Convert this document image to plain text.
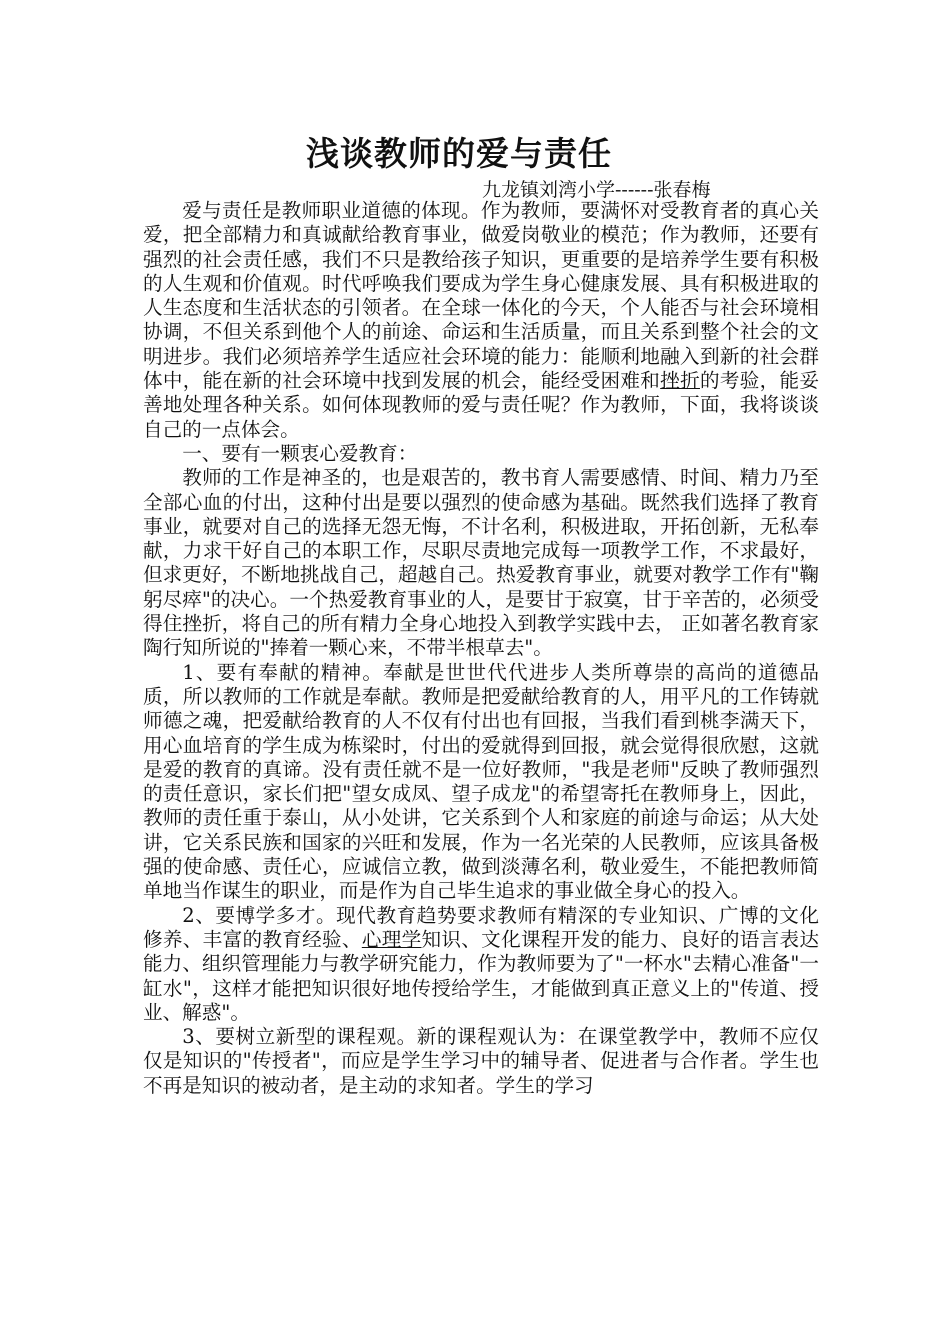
浅谈教师的爱与责任
九龙镇刘湾小学------张春梅

爱与责任是教师职业道德的体现。作为教师，要满怀对受教育者的真心关爱，把全部精力和真诚献给教育事业，做爱岗敬业的模范；作为教师，还要有强烈的社会责任感，我们不只是教给孩子知识，更重要的是培养学生要有积极的人生观和价值观。时代呼唤我们要成为学生身心健康发展、具有积极进取的人生态度和生活状态的引领者。在全球一体化的今天，个人能否与社会环境相协调，不但关系到他个人的前途、命运和生活质量，而且关系到整个社会的文明进步。我们必须培养学生适应社会环境的能力：能顺利地融入到新的社会群体中，能在新的社会环境中找到发展的机会，能经受困难和挫折的考验，能妥善地处理各种关系。如何体现教师的爱与责任呢？作为教师，下面，我将谈谈自己的一点体会。

一、要有一颗衷心爱教育：

教师的工作是神圣的，也是艰苦的，教书育人需要感情、时间、精力乃至全部心血的付出，这种付出是要以强烈的使命感为基础。既然我们选择了教育事业，就要对自己的选择无怨无悔，不计名利，积极进取，开拓创新，无私奉献，力求干好自己的本职工作，尽职尽责地完成每一项教学工作，不求最好，但求更好，不断地挑战自己，超越自己。热爱教育事业，就要对教学工作有"鞠躬尽瘁"的决心。一个热爱教育事业的人，是要甘于寂寞，甘于辛苦的，必须受得住挫折，将自己的所有精力全身心地投入到教学实践中去， 正如著名教育家陶行知所说的"捧着一颗心来，不带半根草去"。

1、要有奉献的精神。奉献是世世代代进步人类所尊崇的高尚的道德品质，所以教师的工作就是奉献。教师是把爱献给教育的人，用平凡的工作铸就师德之魂，把爱献给教育的人不仅有付出也有回报，当我们看到桃李满天下，用心血培育的学生成为栋梁时，付出的爱就得到回报，就会觉得很欣慰，这就是爱的教育的真谛。没有责任就不是一位好教师，"我是老师"反映了教师强烈的责任意识，家长们把"望女成凤、望子成龙"的希望寄托在教师身上，因此，教师的责任重于泰山，从小处讲，它关系到个人和家庭的前途与命运；从大处讲，它关系民族和国家的兴旺和发展，作为一名光荣的人民教师，应该具备极强的使命感、责任心，应诚信立教，做到淡薄名利，敬业爱生，不能把教师简单地当作谋生的职业，而是作为自己毕生追求的事业做全身心的投入。

2、要博学多才。现代教育趋势要求教师有精深的专业知识、广博的文化修养、丰富的教育经验、心理学知识、文化课程开发的能力、良好的语言表达能力、组织管理能力与教学研究能力，作为教师要为了"一杯水"去精心准备"一缸水"，这样才能把知识很好地传授给学生，才能做到真正意义上的"传道、授业、解惑"。

3、要树立新型的课程观。新的课程观认为：在课堂教学中，教师不应仅仅是知识的"传授者"，而应是学生学习中的辅导者、促进者与合作者。学生也不再是知识的被动者，是主动的求知者。学生的学习
